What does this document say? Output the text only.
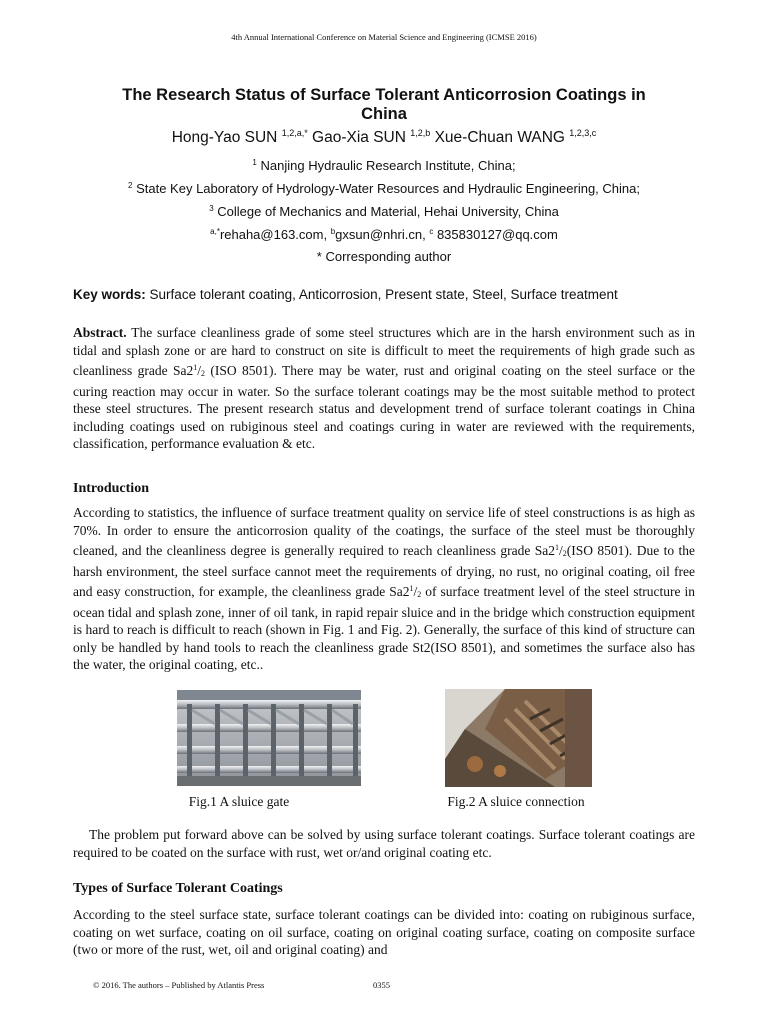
4th Annual International Conference on Material Science and Engineering (ICMSE 2016)
The Research Status of Surface Tolerant Anticorrosion Coatings in
China
Hong-Yao SUN $^{1,2,a,*}$ Gao-Xia SUN $^{1,2,b}$ Xue-Chuan WANG $^{1,2,3,c}$
$^1$ Nanjing Hydraulic Research Institute, China;
$^2$ State Key Laboratory of Hydrology-Water Resources and Hydraulic Engineering, China;
$^3$ College of Mechanics and Material, Hehai University, China
$^{a,*}$rehaha@163.com, $^b$gxsun@nhri.cn, $^c$ 835830127@qq.com
* Corresponding author
Key words: Surface tolerant coating, Anticorrosion, Present state, Steel, Surface treatment
Abstract. The surface cleanliness grade of some steel structures which are in the harsh environment such as in tidal and splash zone or are hard to construct on site is difficult to meet the requirements of high grade such as cleanliness grade $Sa2^1/_2$ (ISO 8501). There may be water, rust and original coating on the steel surface or the curing reaction may occur in water. So the surface tolerant coatings may be the most suitable method to protect these steel structures. The present research status and development trend of surface tolerant coatings in China including coatings used on rubiginous steel and coatings curing in water are reviewed with the requirements, classification, performance evaluation & etc.
Introduction
According to statistics, the influence of surface treatment quality on service life of steel constructions is as high as 70%. In order to ensure the anticorrosion quality of the coatings, the surface of the steel must be thoroughly cleaned, and the cleanliness degree is generally required to reach cleanliness grade $Sa2^1/_2(ISO$ 8501). Due to the harsh environment, the steel surface cannot meet the requirements of drying, no rust, no original coating, oil free and easy construction, for example, the cleanliness grade $Sa2^1/_2$ of surface treatment level of the steel structure in ocean tidal and splash zone, inner of oil tank, in rapid repair sluice and in the bridge which construction equipment is hard to reach is difficult to reach (shown in Fig. 1 and Fig. 2). Generally, the surface of this kind of structure can only be handled by hand tools to reach the cleanliness grade St2(ISO 8501), and sometimes the surface also has the water, the original coating, etc..
Fig.1 A sluice gate	Fig.2 A sluice connection
The problem put forward above can be solved by using surface tolerant coatings. Surface tolerant coatings are required to be coated on the surface with rust, wet or/and original coating etc.
Types of Surface Tolerant Coatings
According to the steel surface state, surface tolerant coatings can be divided into: coating on rubiginous surface, coating on wet surface, coating on oil surface, coating on original coating surface, coating on composite surface (two or more of the rust, wet, oil and original coating) and
© 2016. The authors – Published by Atlantis Press	0355
